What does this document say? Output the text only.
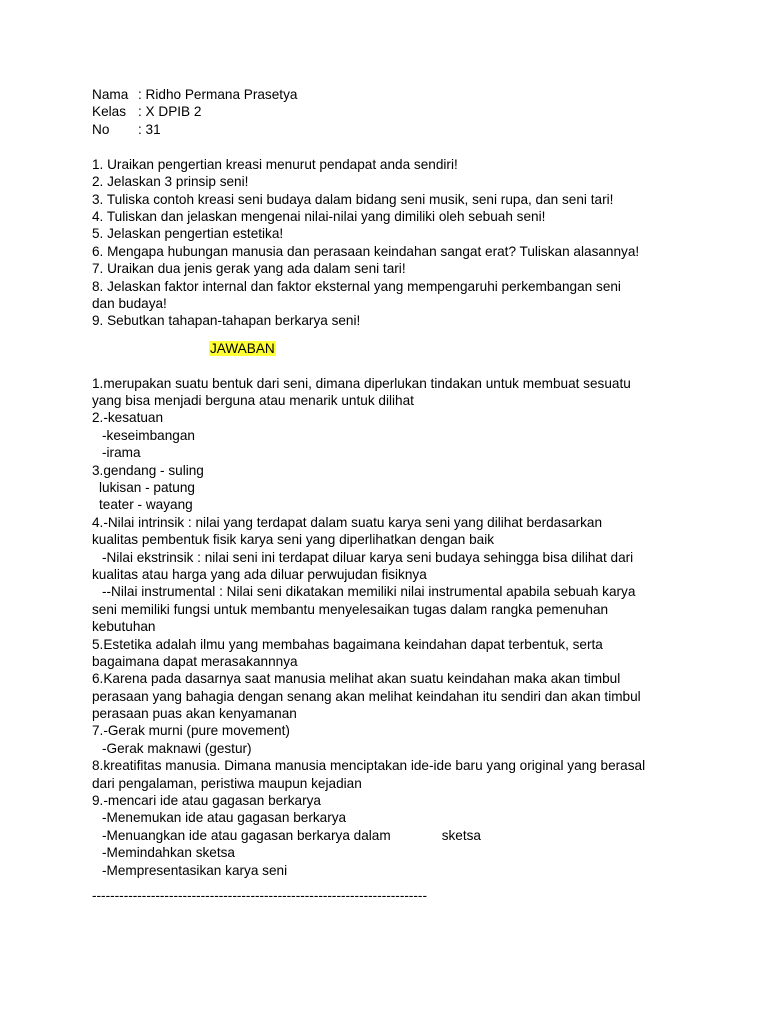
Nama : Ridho Permana Prasetya
Kelas : X DPIB 2
No	: 31
1. Uraikan pengertian kreasi menurut pendapat anda sendiri!
2. Jelaskan 3 prinsip seni!
3. Tuliska contoh kreasi seni budaya dalam bidang seni musik, seni rupa, dan seni tari!
4. Tuliskan dan jelaskan mengenai nilai-nilai yang dimiliki oleh sebuah seni!
5. Jelaskan pengertian estetika!
6. Mengapa hubungan manusia dan perasaan keindahan sangat erat? Tuliskan alasannya!
7. Uraikan dua jenis gerak yang ada dalam seni tari!
8. Jelaskan faktor internal dan faktor eksternal yang mempengaruhi perkembangan seni
dan budaya!
9. Sebutkan tahapan-tahapan berkarya seni!
JAWABAN
1.merupakan suatu bentuk dari seni, dimana diperlukan tindakan untuk membuat sesuatu
yang bisa menjadi berguna atau menarik untuk dilihat
2.-kesatuan
-keseimbangan
-irama
3.gendang - suling
lukisan - patung
teater - wayang
4.-Nilai intrinsik : nilai yang terdapat dalam suatu karya seni yang dilihat berdasarkan
kualitas pembentuk fisik karya seni yang diperlihatkan dengan baik
-Nilai ekstrinsik : nilai seni ini terdapat diluar karya seni budaya sehingga bisa dilihat dari
kualitas atau harga yang ada diluar perwujudan fisiknya
--Nilai instrumental : Nilai seni dikatakan memiliki nilai instrumental apabila sebuah karya
seni memiliki fungsi untuk membantu menyelesaikan tugas dalam rangka pemenuhan
kebutuhan
5.Estetika adalah ilmu yang membahas bagaimana keindahan dapat terbentuk, serta
bagaimana dapat merasakannnya
6.Karena pada dasarnya saat manusia melihat akan suatu keindahan maka akan timbul
perasaan yang bahagia dengan senang akan melihat keindahan itu sendiri dan akan timbul
perasaan puas akan kenyamanan
7.-Gerak murni (pure movement)
-Gerak maknawi (gestur)
8.kreatifitas manusia. Dimana manusia menciptakan ide-ide baru yang original yang berasal
dari pengalaman, peristiwa maupun kejadian
9.-mencari ide atau gagasan berkarya
-Menemukan ide atau gagasan berkarya
-Menuangkan ide atau gagasan berkarya dalam	sketsa
-Memindahkan sketsa
-Mempresentasikan karya seni
--------------------------------------------------------------------------
